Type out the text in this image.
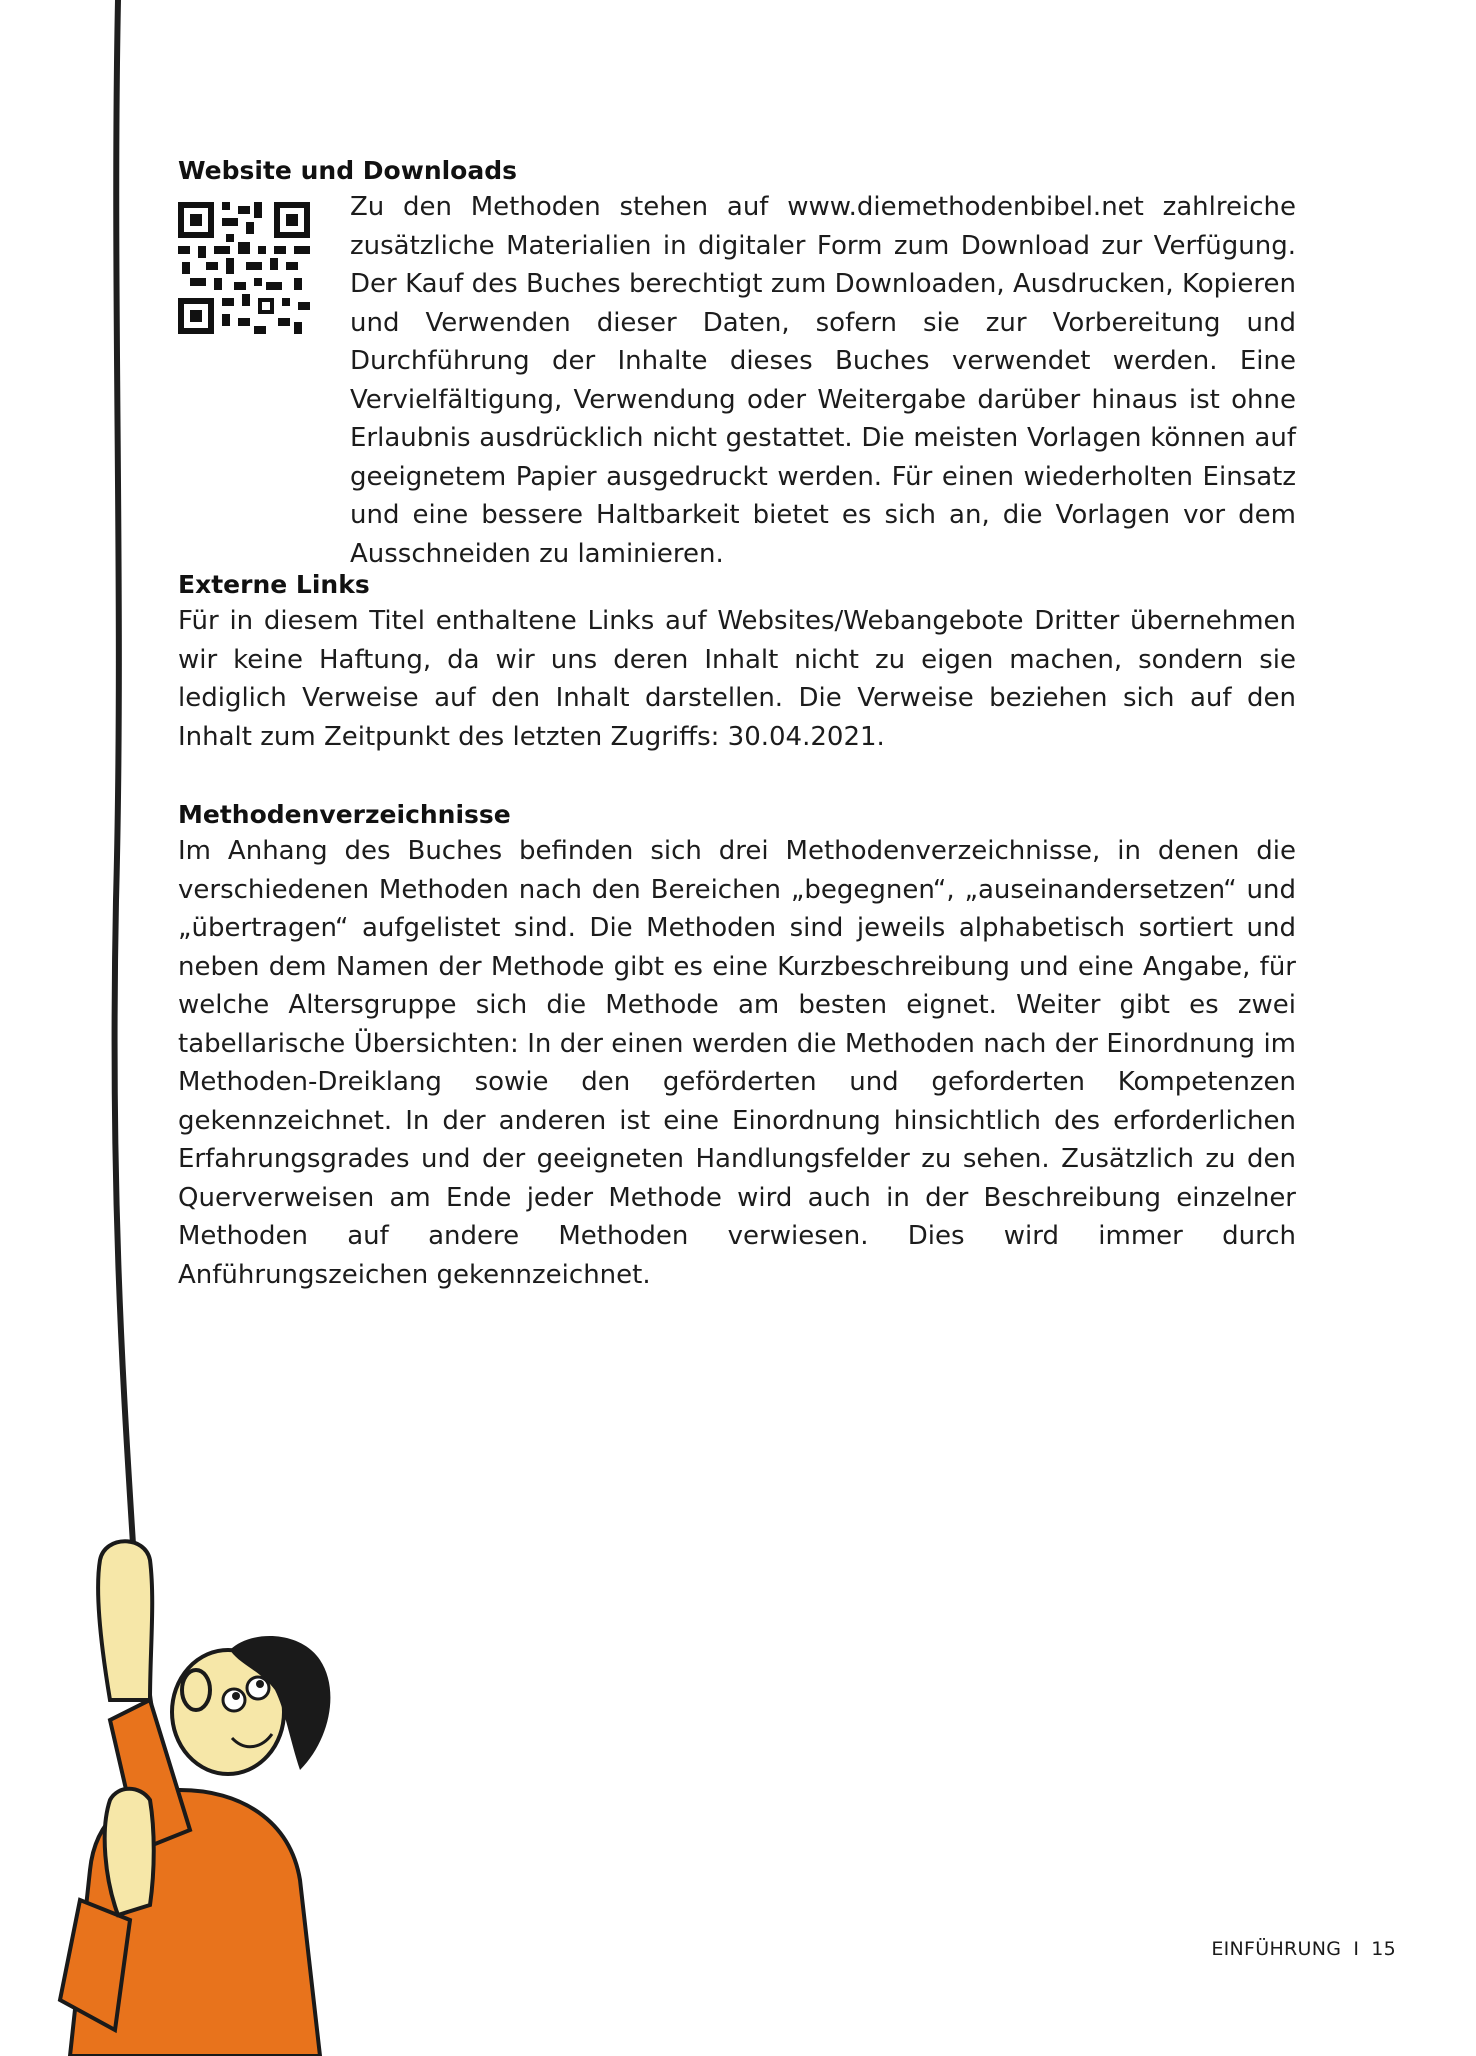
Website und Downloads

Zu den Methoden stehen auf www.diemethodenbibel.net zahlreiche zusätzliche Materialien in digitaler Form zum Download zur Verfügung. Der Kauf des Buches berechtigt zum Downloaden, Ausdrucken, Kopieren und Verwenden dieser Daten, sofern sie zur Vorbereitung und Durchführung der Inhalte dieses Buches verwendet werden. Eine Vervielfältigung, Verwendung oder Weitergabe darüber hinaus ist ohne Erlaubnis ausdrücklich nicht gestattet. Die meisten Vorlagen können auf geeignetem Papier ausgedruckt werden. Für einen wiederholten Einsatz und eine bessere Haltbarkeit bietet es sich an, die Vorlagen vor dem Ausschneiden zu laminieren.

Externe Links

Für in diesem Titel enthaltene Links auf Websites/Webangebote Dritter übernehmen wir keine Haftung, da wir uns deren Inhalt nicht zu eigen machen, sondern sie lediglich Verweise auf den Inhalt darstellen. Die Verweise beziehen sich auf den Inhalt zum Zeitpunkt des letzten Zugriffs: 30.04.2021.

Methodenverzeichnisse

Im Anhang des Buches befinden sich drei Methodenverzeichnisse, in denen die verschiedenen Methoden nach den Bereichen „begegnen“, „auseinandersetzen“ und „übertragen“ aufgelistet sind. Die Methoden sind jeweils alphabetisch sortiert und neben dem Namen der Methode gibt es eine Kurzbeschreibung und eine Angabe, für welche Altersgruppe sich die Methode am besten eignet. Weiter gibt es zwei tabellarische Übersichten: In der einen werden die Methoden nach der Einordnung im Methoden-Dreiklang sowie den geförderten und geforderten Kompetenzen gekennzeichnet. In der anderen ist eine Einordnung hinsichtlich des erforderlichen Erfahrungsgrades und der geeigneten Handlungsfelder zu sehen. Zusätzlich zu den Querverweisen am Ende jeder Methode wird auch in der Beschreibung einzelner Methoden auf andere Methoden verwiesen. Dies wird immer durch Anführungszeichen gekennzeichnet.

EINFÜHRUNG I 15
